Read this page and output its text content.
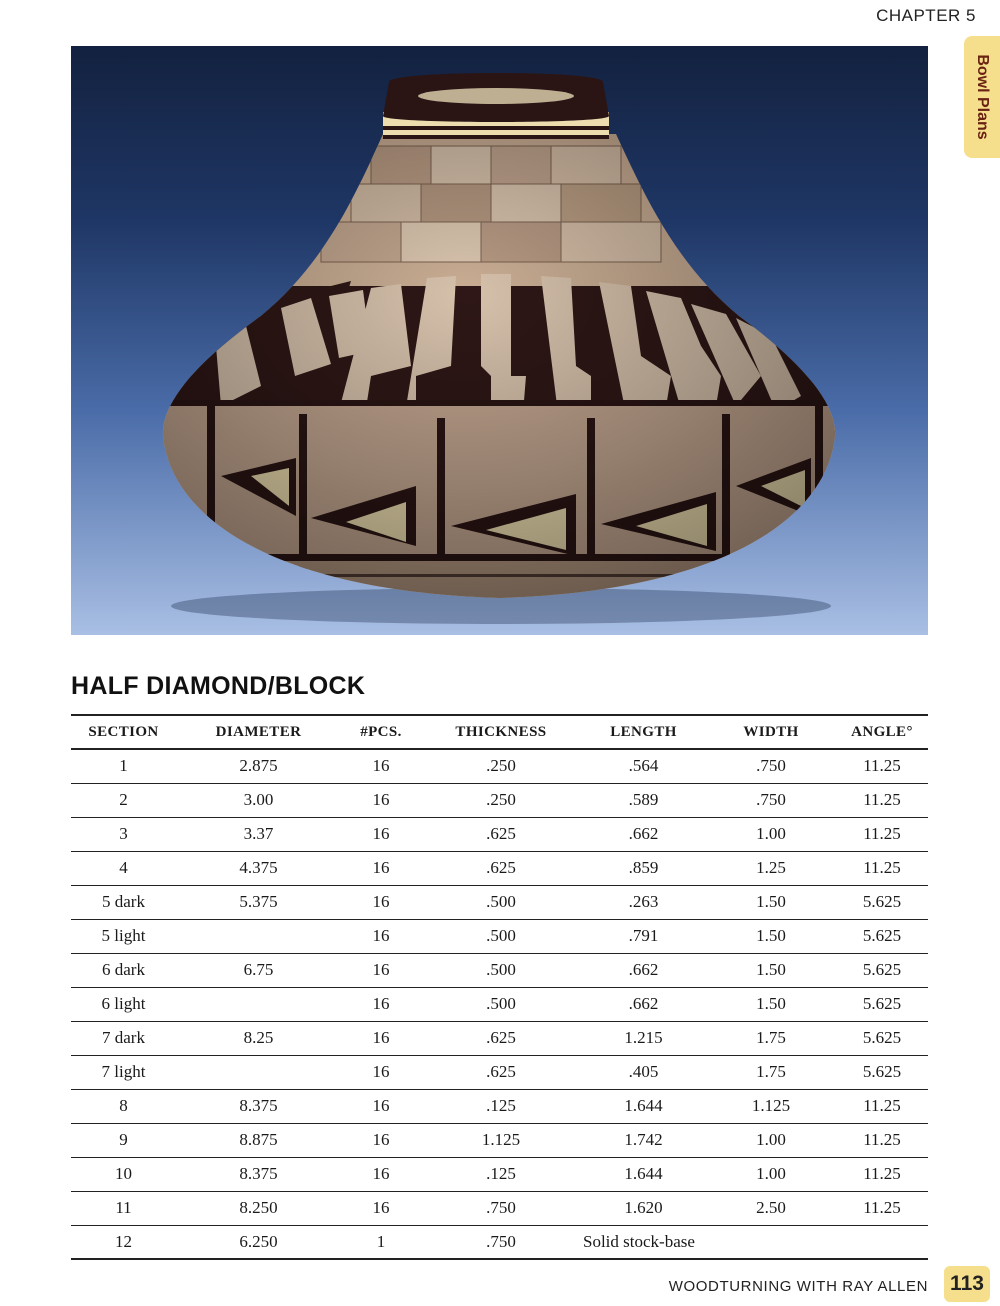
CHAPTER 5
Bowl Plans
HALF DIAMOND/BLOCK
SECTION	DIAMETER	#PCS.	THICKNESS	LENGTH	WIDTH	ANGLE°
1	2.875	16	.250	.564	.750	11.25
2	3.00	16	.250	.589	.750	11.25
3	3.37	16	.625	.662	1.00	11.25
4	4.375	16	.625	.859	1.25	11.25
5 dark	5.375	16	.500	.263	1.50	5.625
5 light		16	.500	.791	1.50	5.625
6 dark	6.75	16	.500	.662	1.50	5.625
6 light		16	.500	.662	1.50	5.625
7 dark	8.25	16	.625	1.215	1.75	5.625
7 light		16	.625	.405	1.75	5.625
8	8.375	16	.125	1.644	1.125	11.25
9	8.875	16	1.125	1.742	1.00	11.25
10	8.375	16	.125	1.644	1.00	11.25
11	8.250	16	.750	1.620	2.50	11.25
12	6.250	1	.750	Solid stock-base		
WOODTURNING WITH RAY ALLEN 113
